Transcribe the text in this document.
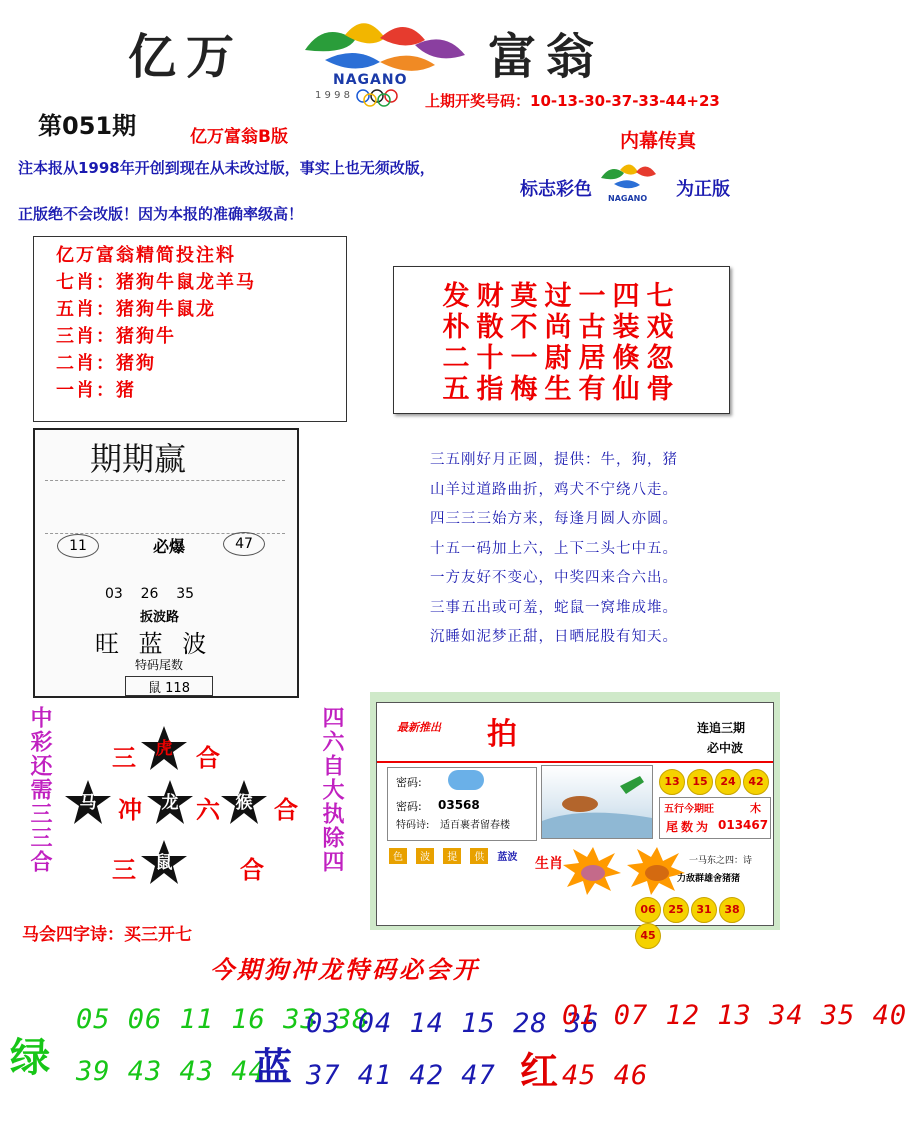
亿万	富翁
NAGANO
1 9 9 8	上期开奖号码：10-13-30-37-33-44+23
第051期	亿万富翁B版	内幕传真
标志彩色 NAGANO 为正版
注本报从1998年开创到现在从未改过版，事实上也无须改版，
正版绝不会改版！因为本报的准确率级高！
亿万富翁精简投注料
七肖：猪狗牛鼠龙羊马
五肖：猪狗牛鼠龙
三肖：猪狗牛
二肖：猪狗
一肖：猪
发财莫过一四七
朴散不尚古装戏
二十一尉居倏忽
五指梅生有仙骨
期期赢
11	必爆	47
03    26    35
扳波路
旺 蓝 波
特码尾数
鼠 118
三五刚好月正圆，提供：牛，狗，猪
山羊过道路曲折，鸡犬不宁绕八走。
四三三三始方来，每逢月圆人亦圆。
十五一码加上六，上下二头七中五。
一方友好不变心，中奖四来合六出。
三事五出或可羞，蛇鼠一窝堆成堆。
沉睡如泥梦正甜，日晒屁股有知天。
中彩还需三三合	四六自大执除四
三	虎 合
马 冲	龙 六 猴 合
三	鼠	合
马会四字诗：买三开七
最新推出 拍	连追三期
必中波
密码:
密码: 03568
特码诗: 适百裹者留春楼
13 15 24 42
五行今期旺	木
尾数为 013467
色 波 提 供 蓝波 生肖	一马东之四：诗
力敌群雄舍猪猪
06 25 31 3845
今期狗冲龙特码必会开
绿
05 06 11 16 33 38
39 43 43 44
蓝
03 04 14 15 28 36
37 41 42 47 红
01 07 12 13 34 35 40
45 46
